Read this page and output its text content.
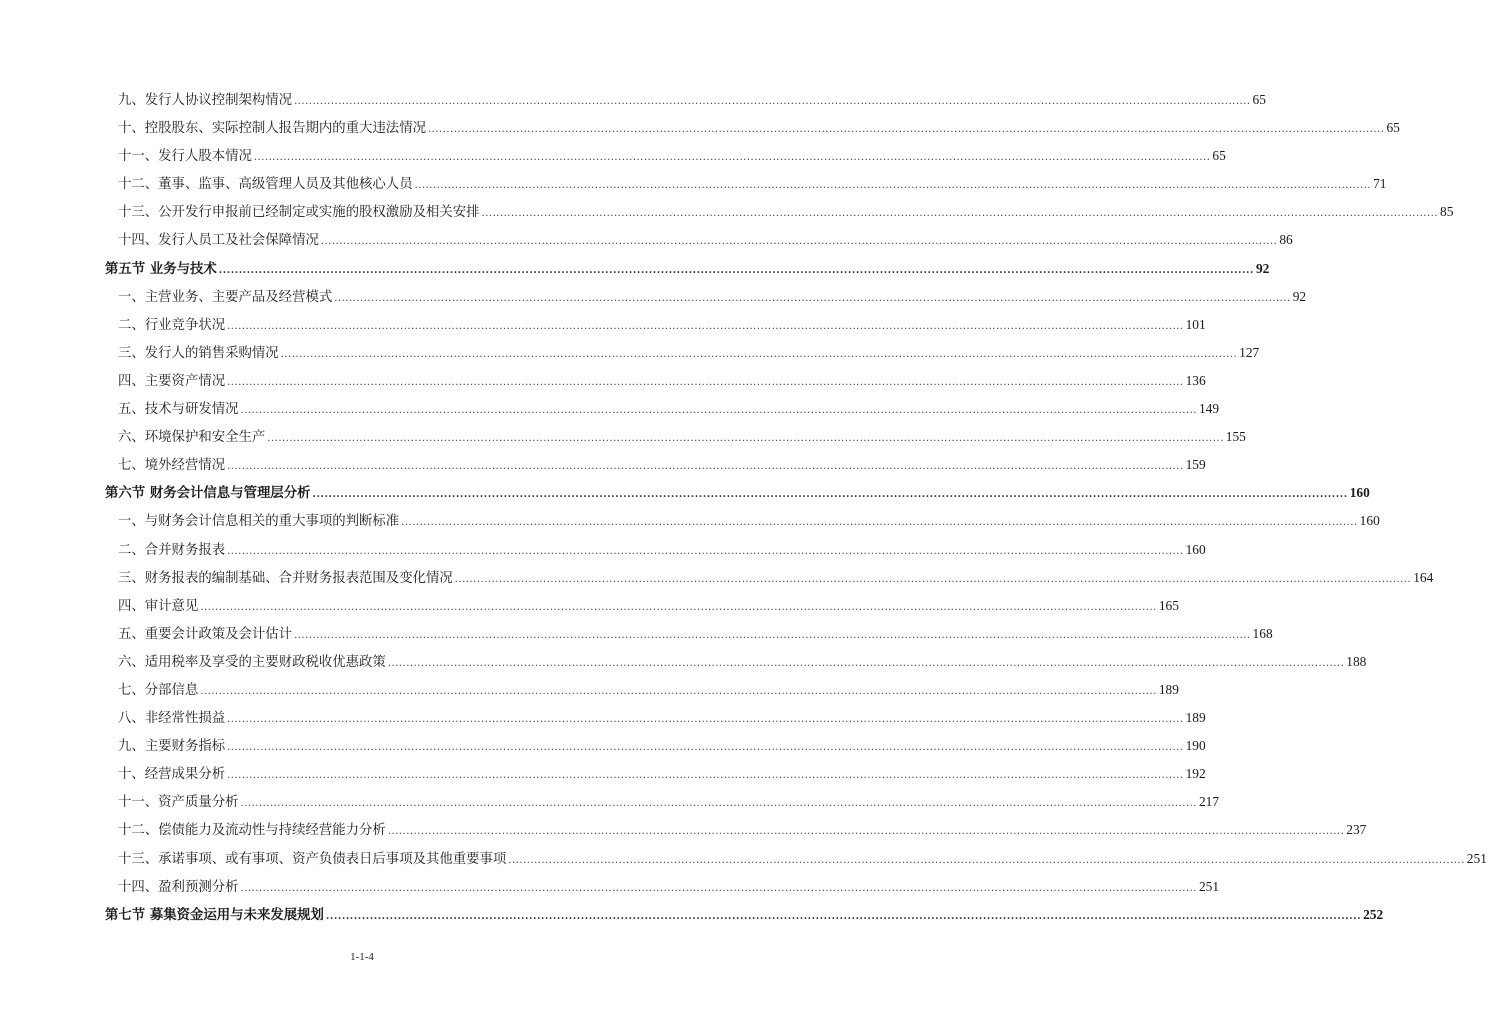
九、发行人协议控制架构情况 .................................................................................................................................................................................................................................................................... 65
十、控股股东、实际控制人报告期内的重大违法情况 .................................................................................................................................................................................................................................................................... 65
十一、发行人股本情况 .................................................................................................................................................................................................................................................................... 65
十二、董事、监事、高级管理人员及其他核心人员 .................................................................................................................................................................................................................................................................... 71
十三、公开发行申报前已经制定或实施的股权激励及相关安排 .................................................................................................................................................................................................................................................................... 85
十四、发行人员工及社会保障情况 .................................................................................................................................................................................................................................................................... 86
第五节 业务与技术 .................................................................................................................................................................................................................................................................... 92
一、主营业务、主要产品及经营模式 .................................................................................................................................................................................................................................................................... 92
二、行业竞争状况 .................................................................................................................................................................................................................................................................... 101
三、发行人的销售采购情况 .................................................................................................................................................................................................................................................................... 127
四、主要资产情况 .................................................................................................................................................................................................................................................................... 136
五、技术与研发情况 .................................................................................................................................................................................................................................................................... 149
六、环境保护和安全生产 .................................................................................................................................................................................................................................................................... 155
七、境外经营情况 .................................................................................................................................................................................................................................................................... 159
第六节 财务会计信息与管理层分析 .................................................................................................................................................................................................................................................................... 160
一、与财务会计信息相关的重大事项的判断标准 .................................................................................................................................................................................................................................................................... 160
二、合并财务报表 .................................................................................................................................................................................................................................................................... 160
三、财务报表的编制基础、合并财务报表范围及变化情况 .................................................................................................................................................................................................................................................................... 164
四、审计意见 .................................................................................................................................................................................................................................................................... 165
五、重要会计政策及会计估计 .................................................................................................................................................................................................................................................................... 168
六、适用税率及享受的主要财政税收优惠政策 .................................................................................................................................................................................................................................................................... 188
七、分部信息 .................................................................................................................................................................................................................................................................... 189
八、非经常性损益 .................................................................................................................................................................................................................................................................... 189
九、主要财务指标 .................................................................................................................................................................................................................................................................... 190
十、经营成果分析 .................................................................................................................................................................................................................................................................... 192
十一、资产质量分析 .................................................................................................................................................................................................................................................................... 217
十二、偿债能力及流动性与持续经营能力分析 .................................................................................................................................................................................................................................................................... 237
十三、承诺事项、或有事项、资产负债表日后事项及其他重要事项 .................................................................................................................................................................................................................................................................... 251
十四、盈利预测分析 .................................................................................................................................................................................................................................................................... 251
第七节 募集资金运用与未来发展规划 .................................................................................................................................................................................................................................................................... 252
1-1-4
